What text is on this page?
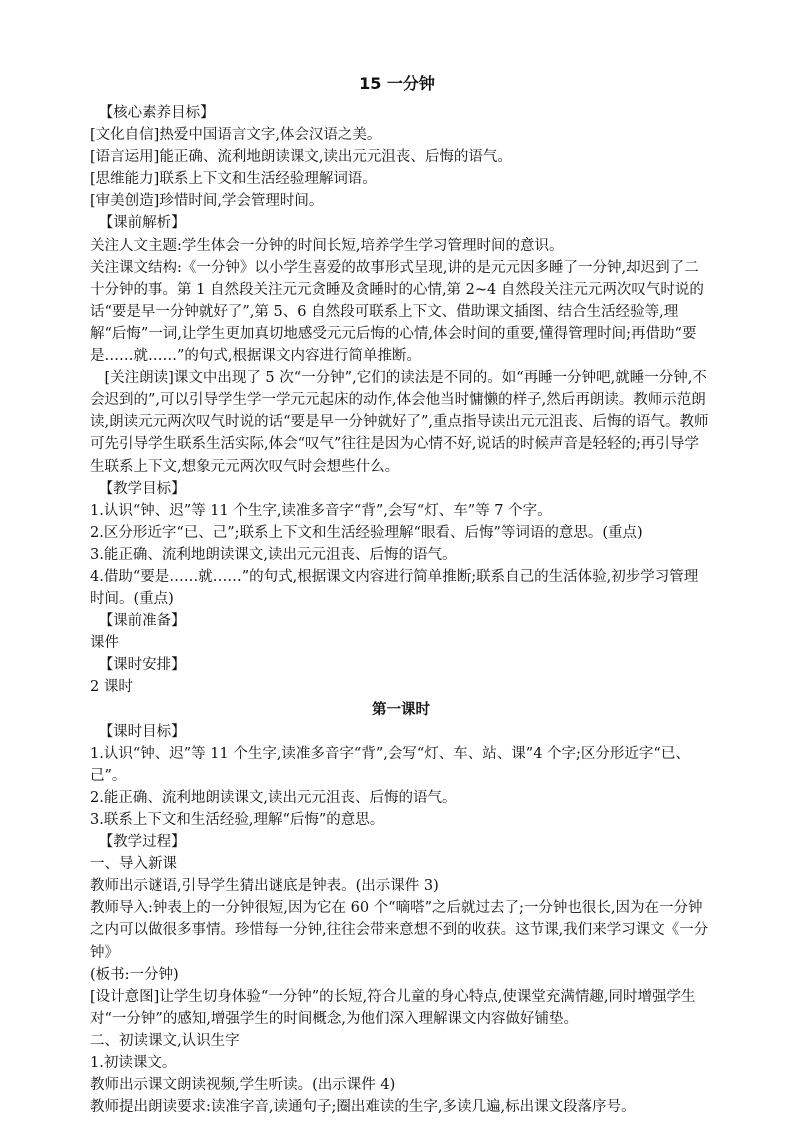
15 一分钟

【核心素养目标】

[文化自信]热爱中国语言文字,体会汉语之美。

[语言运用]能正确、流利地朗读课文,读出元元沮丧、后悔的语气。

[思维能力]联系上下文和生活经验理解词语。

[审美创造]珍惜时间,学会管理时间。

【课前解析】

关注人文主题:学生体会一分钟的时间长短,培养学生学习管理时间的意识。

关注课文结构:《一分钟》以小学生喜爱的故事形式呈现,讲的是元元因多睡了一分钟,却迟到了二十分钟的事。第 1 自然段关注元元贪睡及贪睡时的心情,第 2~4 自然段关注元元两次叹气时说的话“要是早一分钟就好了”,第 5、6 自然段可联系上下文、借助课文插图、结合生活经验等,理解“后悔”一词,让学生更加真切地感受元元后悔的心情,体会时间的重要,懂得管理时间;再借助“要是……就……”的句式,根据课文内容进行简单推断。

[关注朗读]课文中出现了 5 次“一分钟”,它们的读法是不同的。如“再睡一分钟吧,就睡一分钟,不会迟到的”,可以引导学生学一学元元起床的动作,体会他当时慵懒的样子,然后再朗读。教师示范朗读,朗读元元两次叹气时说的话“要是早一分钟就好了”,重点指导读出元元沮丧、后悔的语气。教师可先引导学生联系生活实际,体会“叹气”往往是因为心情不好,说话的时候声音是轻轻的;再引导学生联系上下文,想象元元两次叹气时会想些什么。

【教学目标】

1.认识“钟、迟”等 11 个生字,读准多音字“背”,会写“灯、车”等 7 个字。

2.区分形近字“已、己”;联系上下文和生活经验理解“眼看、后悔”等词语的意思。(重点)

3.能正确、流利地朗读课文,读出元元沮丧、后悔的语气。

4.借助“要是……就……”的句式,根据课文内容进行简单推断;联系自己的生活体验,初步学习管理时间。(重点)

【课前准备】

课件

【课时安排】

2 课时

第一课时

【课时目标】

1.认识“钟、迟”等 11 个生字,读准多音字“背”,会写“灯、车、站、课”4 个字;区分形近字“已、己”。

2.能正确、流利地朗读课文,读出元元沮丧、后悔的语气。

3.联系上下文和生活经验,理解“后悔”的意思。

【教学过程】

一、导入新课

教师出示谜语,引导学生猜出谜底是钟表。(出示课件 3)

教师导入:钟表上的一分钟很短,因为它在 60 个“嘀嗒”之后就过去了;一分钟也很长,因为在一分钟之内可以做很多事情。珍惜每一分钟,往往会带来意想不到的收获。这节课,我们来学习课文《一分钟》

(板书:一分钟)

[设计意图]让学生切身体验“一分钟”的长短,符合儿童的身心特点,使课堂充满情趣,同时增强学生对“一分钟”的感知,增强学生的时间概念,为他们深入理解课文内容做好铺垫。

二、初读课文,认识生字

1.初读课文。

教师出示课文朗读视频,学生听读。(出示课件 4)

教师提出朗读要求:读准字音,读通句子;圈出难读的生字,多读几遍,标出课文段落序号。
